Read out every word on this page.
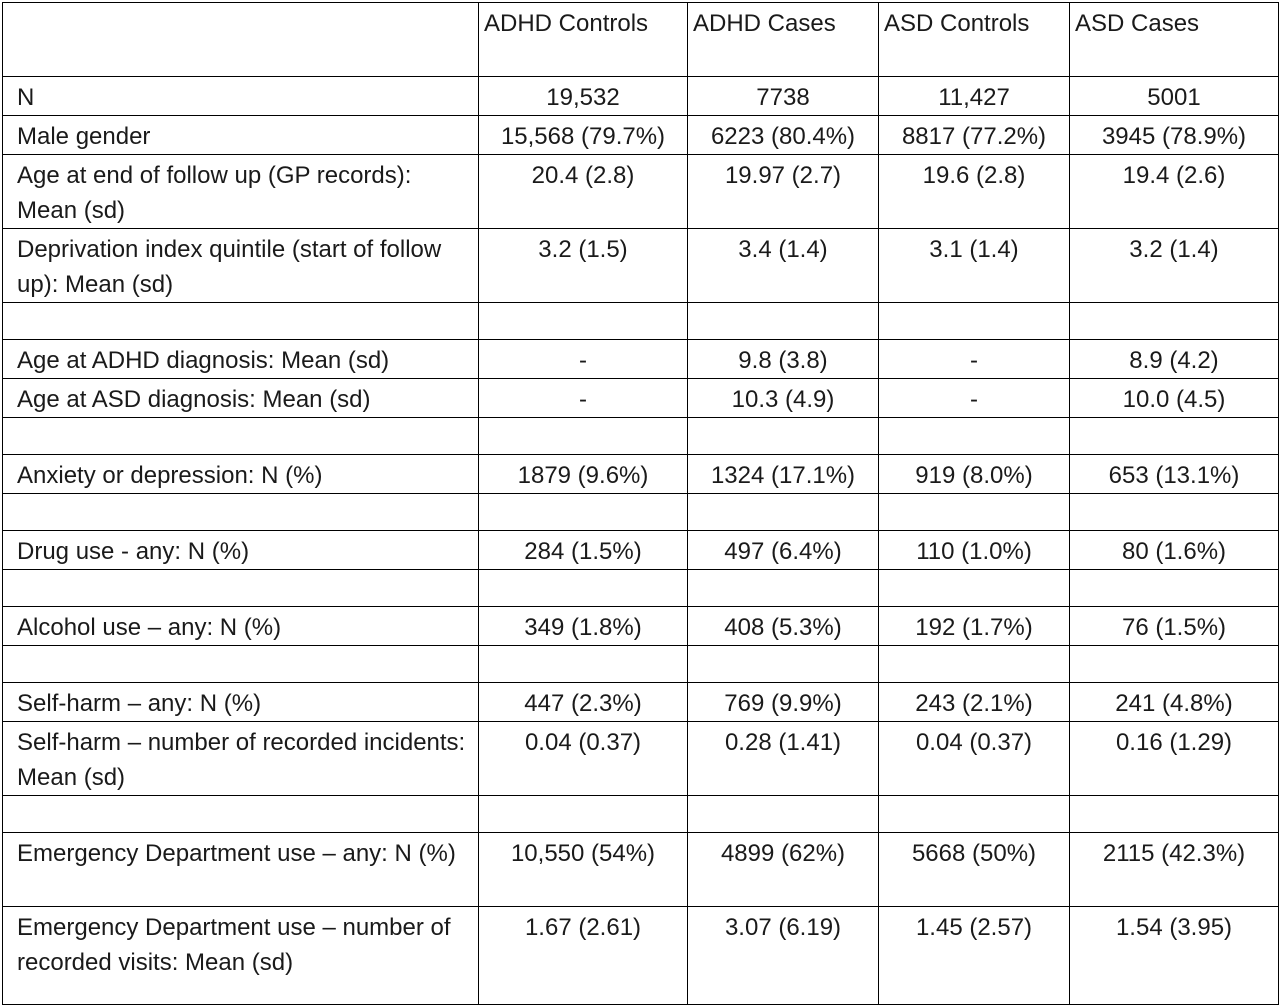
	ADHD Controls	ADHD Cases	ASD Controls	ASD Cases
N	19,532	7738	11,427	5001
Male gender	15,568 (79.7%)	6223 (80.4%)	8817 (77.2%)	3945 (78.9%)
Age at end of follow up (GP records): Mean (sd)	20.4 (2.8)	19.97 (2.7)	19.6 (2.8)	19.4 (2.6)
Deprivation index quintile (start of follow up): Mean (sd)	3.2 (1.5)	3.4 (1.4)	3.1 (1.4)	3.2 (1.4)

Age at ADHD diagnosis: Mean (sd)	-	9.8 (3.8)	-	8.9 (4.2)
Age at ASD diagnosis: Mean (sd)	-	10.3 (4.9)	-	10.0 (4.5)

Anxiety or depression: N (%)	1879 (9.6%)	1324 (17.1%)	919 (8.0%)	653 (13.1%)

Drug use - any: N (%)	284 (1.5%)	497 (6.4%)	110 (1.0%)	80 (1.6%)

Alcohol use – any: N (%)	349 (1.8%)	408 (5.3%)	192 (1.7%)	76 (1.5%)

Self-harm – any: N (%)	447 (2.3%)	769 (9.9%)	243 (2.1%)	241 (4.8%)
Self-harm – number of recorded incidents: Mean (sd)	0.04 (0.37)	0.28 (1.41)	0.04 (0.37)	0.16 (1.29)

Emergency Department use – any: N (%)	10,550 (54%)	4899 (62%)	5668 (50%)	2115 (42.3%)
Emergency Department use – number of recorded visits: Mean (sd)	1.67 (2.61)	3.07 (6.19)	1.45 (2.57)	1.54 (3.95)
